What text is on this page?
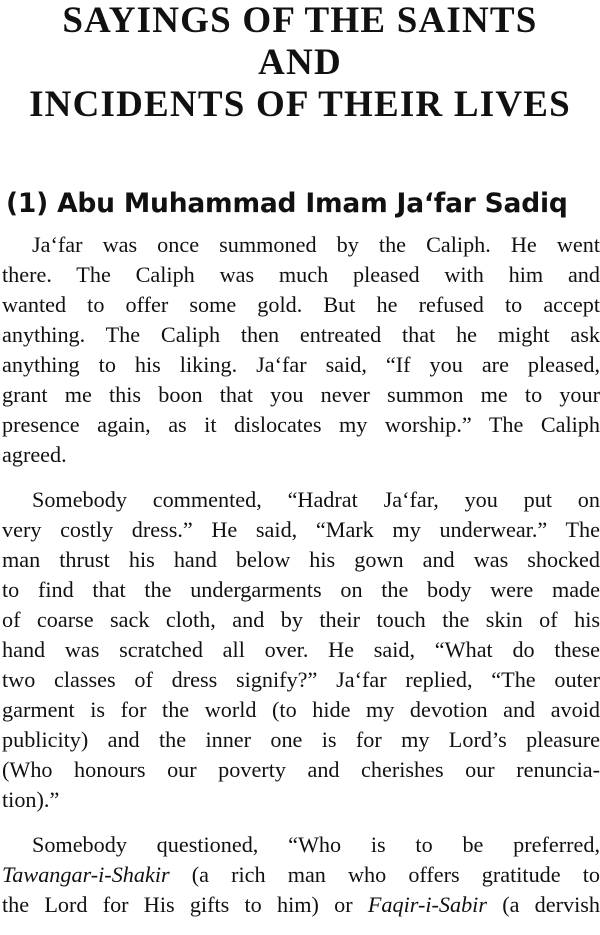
SAYINGS OF THE SAINTS
AND
INCIDENTS OF THEIR LIVES
(1) Abu Muhammad Imam Ja‘far Sadiq
Ja‘far was once summoned by the Caliph. He went
there. The Caliph was much pleased with him and
wanted to offer some gold. But he refused to accept
anything. The Caliph then entreated that he might ask
anything to his liking. Ja‘far said, “If you are pleased,
grant me this boon that you never summon me to your
presence again, as it dislocates my worship.” The Caliph
agreed.
Somebody commented, “Hadrat Ja‘far, you put on
very costly dress.” He said, “Mark my underwear.” The
man thrust his hand below his gown and was shocked
to find that the undergarments on the body were made
of coarse sack cloth, and by their touch the skin of his
hand was scratched all over. He said, “What do these
two classes of dress signify?” Ja‘far replied, “The outer
garment is for the world (to hide my devotion and avoid
publicity) and the inner one is for my Lord’s pleasure
(Who honours our poverty and cherishes our renuncia-
tion).”
Somebody questioned, “Who is to be preferred,
Tawangar-i-Shakir (a rich man who offers gratitude to
the Lord for His gifts to him) or Faqir-i-Sabir (a dervish
